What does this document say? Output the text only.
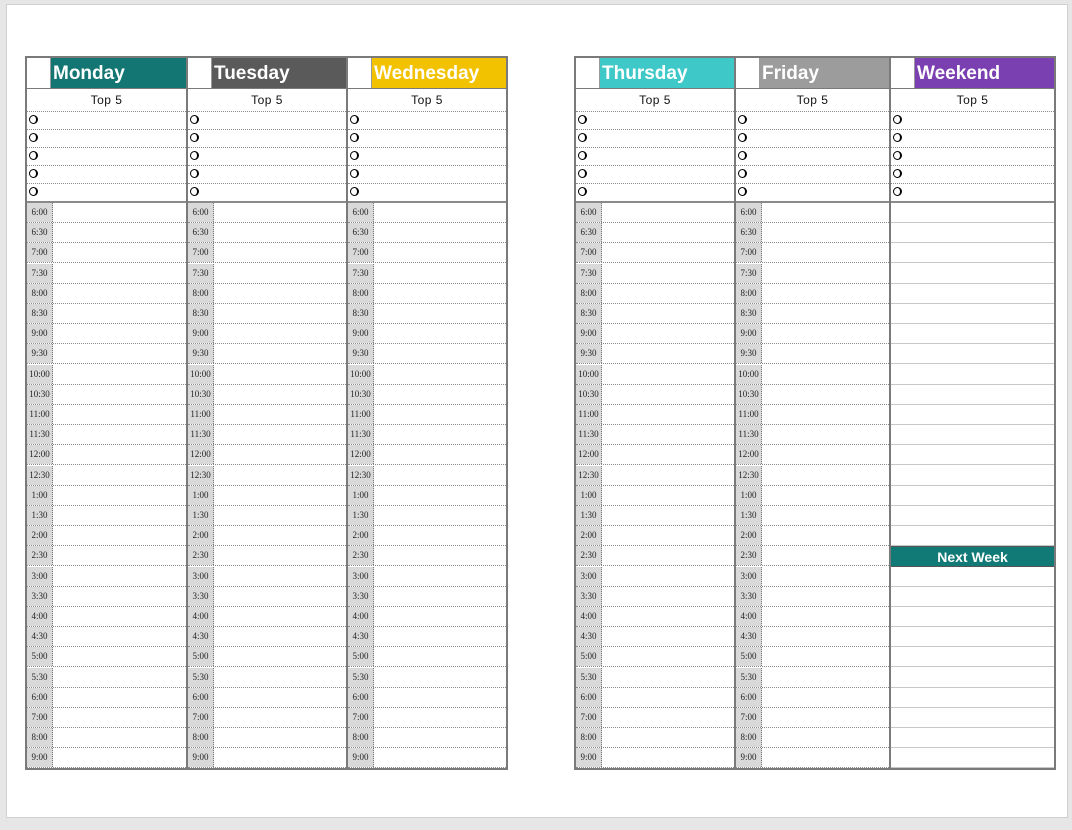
Monday
Top 5
6:00
6:30
7:00
7:30
8:00
8:30
9:00
9:30
10:00
10:30
11:00
11:30
12:00
12:30
1:00
1:30
2:00
2:30
3:00
3:30
4:00
4:30
5:00
5:30
6:00
7:00
8:00
9:00
Tuesday
Top 5
6:00
6:30
7:00
7:30
8:00
8:30
9:00
9:30
10:00
10:30
11:00
11:30
12:00
12:30
1:00
1:30
2:00
2:30
3:00
3:30
4:00
4:30
5:00
5:30
6:00
7:00
8:00
9:00
Wednesday
Top 5
6:00
6:30
7:00
7:30
8:00
8:30
9:00
9:30
10:00
10:30
11:00
11:30
12:00
12:30
1:00
1:30
2:00
2:30
3:00
3:30
4:00
4:30
5:00
5:30
6:00
7:00
8:00
9:00
Thursday
Top 5
6:00
6:30
7:00
7:30
8:00
8:30
9:00
9:30
10:00
10:30
11:00
11:30
12:00
12:30
1:00
1:30
2:00
2:30
3:00
3:30
4:00
4:30
5:00
5:30
6:00
7:00
8:00
9:00
Friday
Top 5
6:00
6:30
7:00
7:30
8:00
8:30
9:00
9:30
10:00
10:30
11:00
11:30
12:00
12:30
1:00
1:30
2:00
2:30
3:00
3:30
4:00
4:30
5:00
5:30
6:00
7:00
8:00
9:00
Weekend
Top 5
Next Week
